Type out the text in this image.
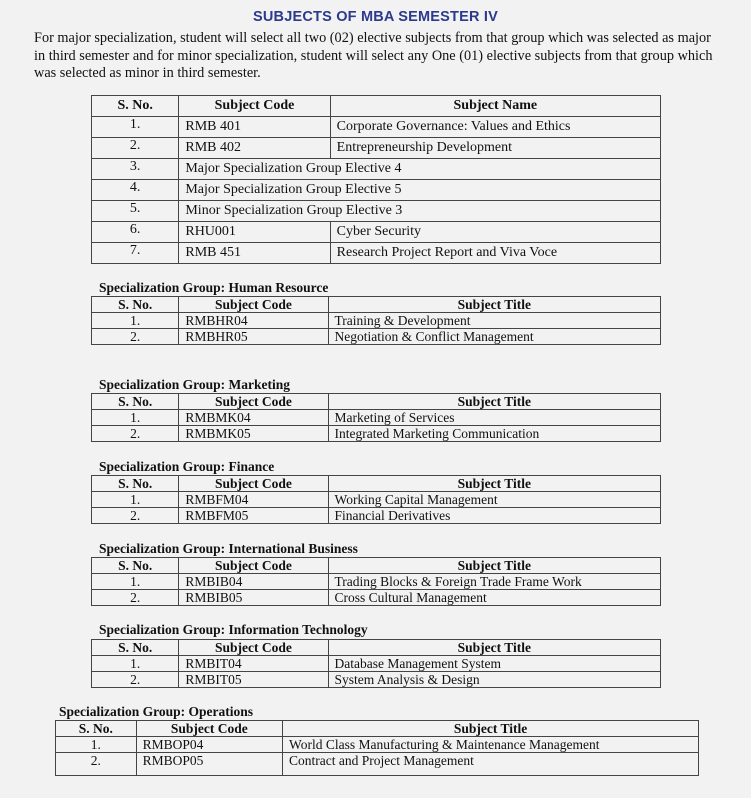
SUBJECTS OF MBA SEMESTER IV

For major specialization, student will select all two (02) elective subjects from that group which was selected as major in third semester and for minor specialization, student will select any One (01) elective subjects from that group which was selected as minor in third semester.

S. No.	Subject Code	Subject Name
1.	RMB 401	Corporate Governance: Values and Ethics
2.	RMB 402	Entrepreneurship Development
3.	Major Specialization Group Elective 4	
4.	Major Specialization Group Elective 5	
5.	Minor Specialization Group Elective 3	
6.	RHU001	Cyber Security
7.	RMB 451	Research Project Report and Viva Voce

Specialization Group: Human Resource

S. No.	Subject Code	Subject Title
1.	RMBHR04	Training & Development
2.	RMBHR05	Negotiation & Conflict Management

Specialization Group: Marketing

S. No.	Subject Code	Subject Title
1.	RMBMK04	Marketing of Services
2.	RMBMK05	Integrated Marketing Communication

Specialization Group: Finance

S. No.	Subject Code	Subject Title
1.	RMBFM04	Working Capital Management
2.	RMBFM05	Financial Derivatives

Specialization Group: International Business

S. No.	Subject Code	Subject Title
1.	RMBIB04	Trading Blocks & Foreign Trade Frame Work
2.	RMBIB05	Cross Cultural Management

Specialization Group: Information Technology

S. No.	Subject Code	Subject Title
1.	RMBIT04	Database Management System
2.	RMBIT05	System Analysis & Design

Specialization Group: Operations

S. No.	Subject Code	Subject Title
1.	RMBOP04	World Class Manufacturing & Maintenance Management
2.	RMBOP05	Contract and Project Management
